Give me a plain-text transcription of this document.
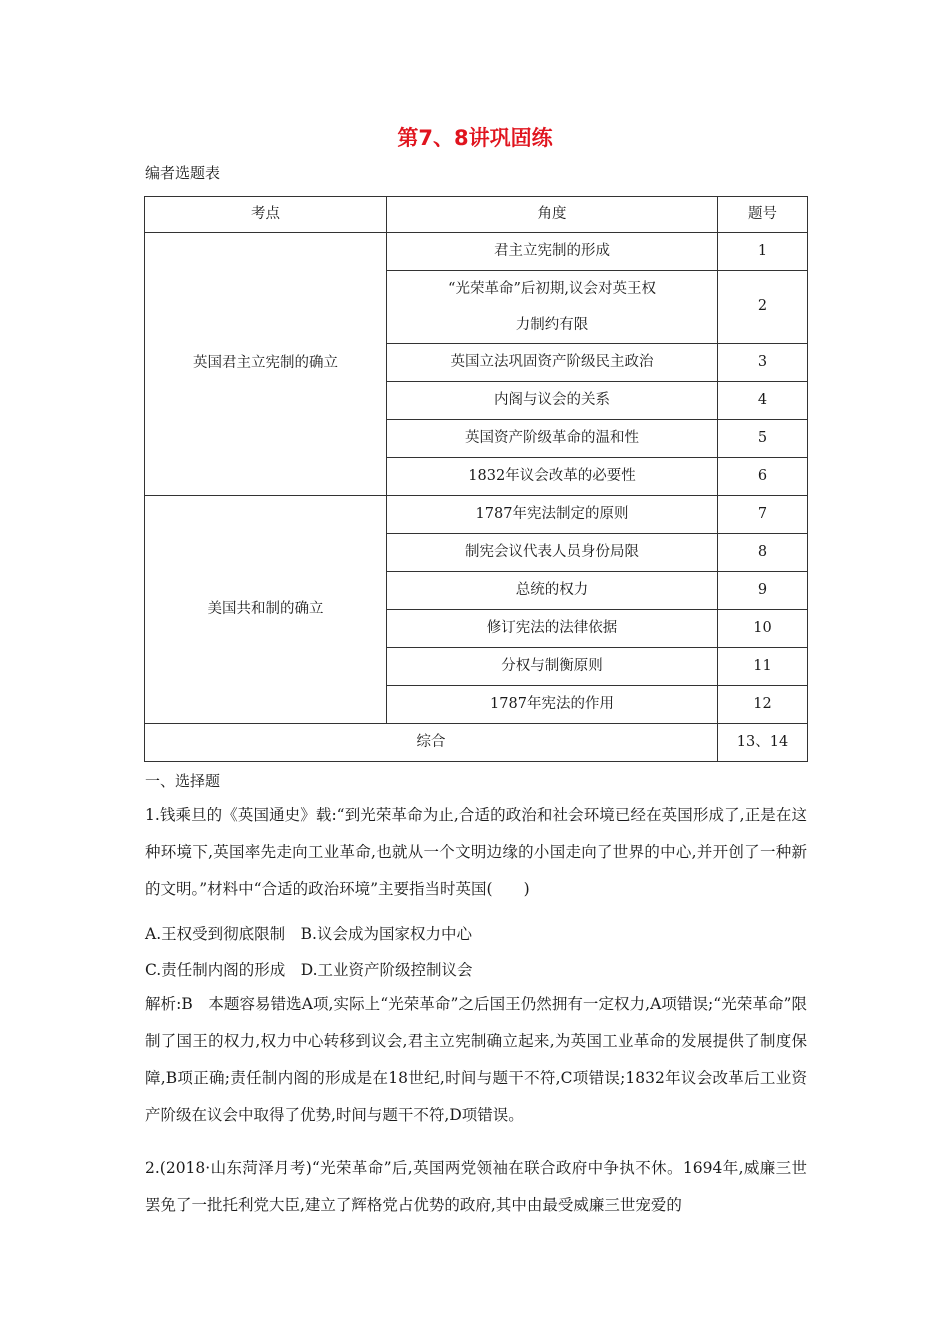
第7、8讲巩固练
编者选题表
考点	角度	题号
英国君主立宪制的确立	君主立宪制的形成	1

	“光荣革命”后初期,议会对英王权力制约有限	2
	英国立法巩固资产阶级民主政治	3
	内阁与议会的关系	4
	英国资产阶级革命的温和性	5
	1832年议会改革的必要性	6
美国共和制的确立	1787年宪法制定的原则	7
	制宪会议代表人员身份局限	8
	总统的权力	9
	修订宪法的法律依据	10
	分权与制衡原则	11
	1787年宪法的作用	12
综合		13、14
一、选择题
1.钱乘旦的《英国通史》载:“到光荣革命为止,合适的政治和社会环境已经在英国形成了,正是在这种环境下,英国率先走向工业革命,也就从一个文明边缘的小国走向了世界的中心,并开创了一种新的文明。”材料中“合适的政治环境”主要指当时英国(　　)
A.王权受到彻底限制　B.议会成为国家权力中心
C.责任制内阁的形成　D.工业资产阶级控制议会
解析:B　本题容易错选A项,实际上“光荣革命”之后国王仍然拥有一定权力,A项错误;“光荣革命”限制了国王的权力,权力中心转移到议会,君主立宪制确立起来,为英国工业革命的发展提供了制度保障,B项正确;责任制内阁的形成是在18世纪,时间与题干不符,C项错误;1832年议会改革后工业资产阶级在议会中取得了优势,时间与题干不符,D项错误。
2.(2018·山东菏泽月考)“光荣革命”后,英国两党领袖在联合政府中争执不休。1694年,威廉三世罢免了一批托利党大臣,建立了辉格党占优势的政府,其中由最受威廉三世宠爱的
